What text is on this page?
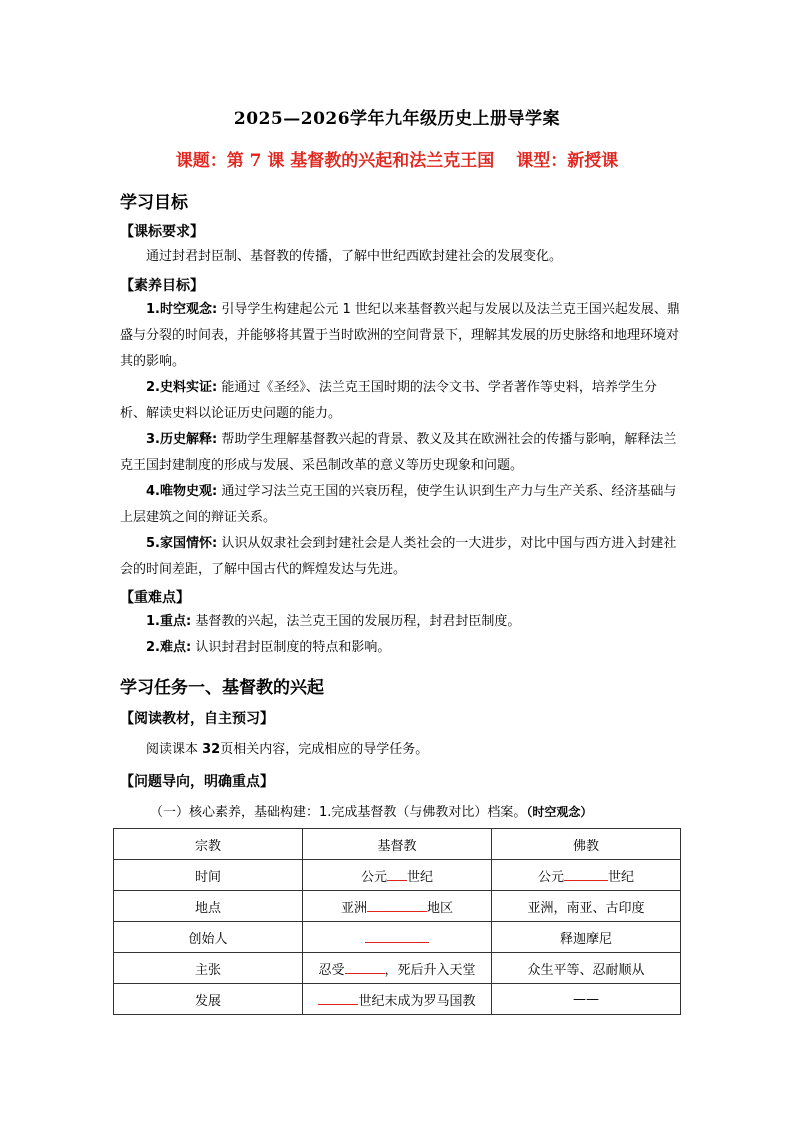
2025—2026学年九年级历史上册导学案
课题：第 7 课 基督教的兴起和法兰克王国 课型：新授课
学习目标
【课标要求】
通过封君封臣制、基督教的传播，了解中世纪西欧封建社会的发展变化。
【素养目标】
1.时空观念: 引导学生构建起公元 1 世纪以来基督教兴起与发展以及法兰克王国兴起发展、鼎盛与分裂的时间表，并能够将其置于当时欧洲的空间背景下，理解其发展的历史脉络和地理环境对其的影响。
2.史料实证: 能通过《圣经》、法兰克王国时期的法令文书、学者著作等史料，培养学生分析、解读史料以论证历史问题的能力。
3.历史解释: 帮助学生理解基督教兴起的背景、教义及其在欧洲社会的传播与影响，解释法兰克王国封建制度的形成与发展、采邑制改革的意义等历史现象和问题。
4.唯物史观: 通过学习法兰克王国的兴衰历程，使学生认识到生产力与生产关系、经济基础与上层建筑之间的辩证关系。
5.家国情怀: 认识从奴隶社会到封建社会是人类社会的一大进步，对比中国与西方进入封建社会的时间差距，了解中国古代的辉煌发达与先进。
【重难点】
1.重点: 基督教的兴起，法兰克王国的发展历程，封君封臣制度。
2.难点: 认识封君封臣制度的特点和影响。
学习任务一、基督教的兴起
【阅读教材，自主预习】
阅读课本 32页相关内容，完成相应的导学任务。
【问题导向，明确重点】
（一）核心素养，基础构建：1.完成基督教（与佛教对比）档案。（时空观念）
宗教	基督教	佛教
时间	公元 世纪	公元 世纪
地点	亚洲 地区	亚洲，南亚、古印度
创始人		释迦摩尼
主张	忍受 ，死后升入天堂	众生平等、忍耐顺从
发展	世纪末成为罗马国教	——
